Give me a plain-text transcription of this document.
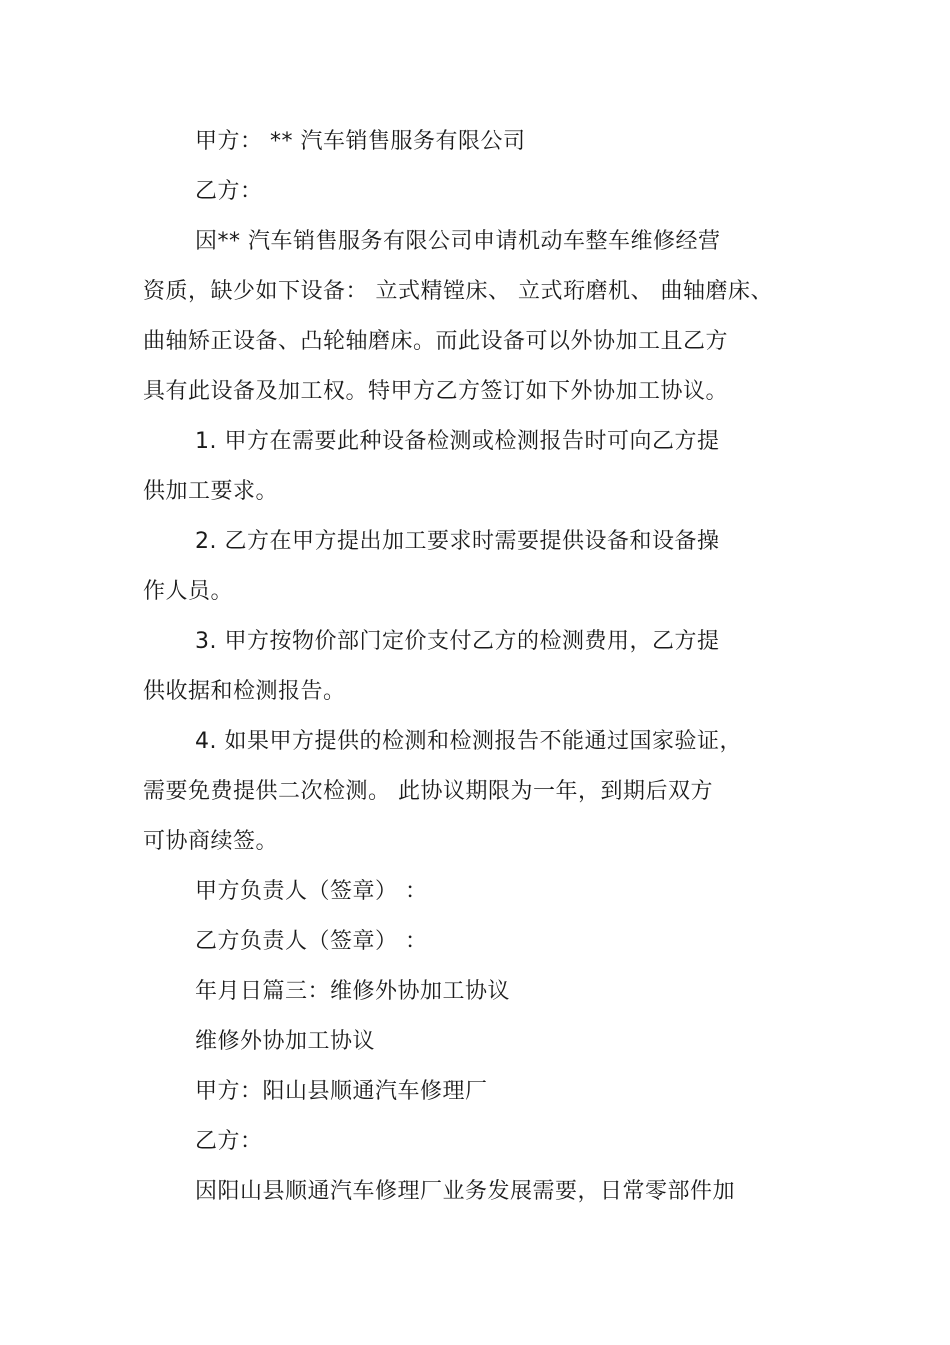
甲方： ** 汽车销售服务有限公司
乙方：
因** 汽车销售服务有限公司申请机动车整车维修经营
资质，缺少如下设备： 立式精镗床、 立式珩磨机、 曲轴磨床、
曲轴矫正设备、凸轮轴磨床。而此设备可以外协加工且乙方
具有此设备及加工权。特甲方乙方签订如下外协加工协议。
1. 甲方在需要此种设备检测或检测报告时可向乙方提
供加工要求。
2. 乙方在甲方提出加工要求时需要提供设备和设备操
作人员。
3. 甲方按物价部门定价支付乙方的检测费用，乙方提
供收据和检测报告。
4. 如果甲方提供的检测和检测报告不能通过国家验证，
需要免费提供二次检测。 此协议期限为一年，到期后双方
可协商续签。
甲方负责人（签章） ：
乙方负责人（签章） ：
年月日篇三：维修外协加工协议
维修外协加工协议
甲方：阳山县顺通汽车修理厂
乙方：
因阳山县顺通汽车修理厂业务发展需要，日常零部件加
